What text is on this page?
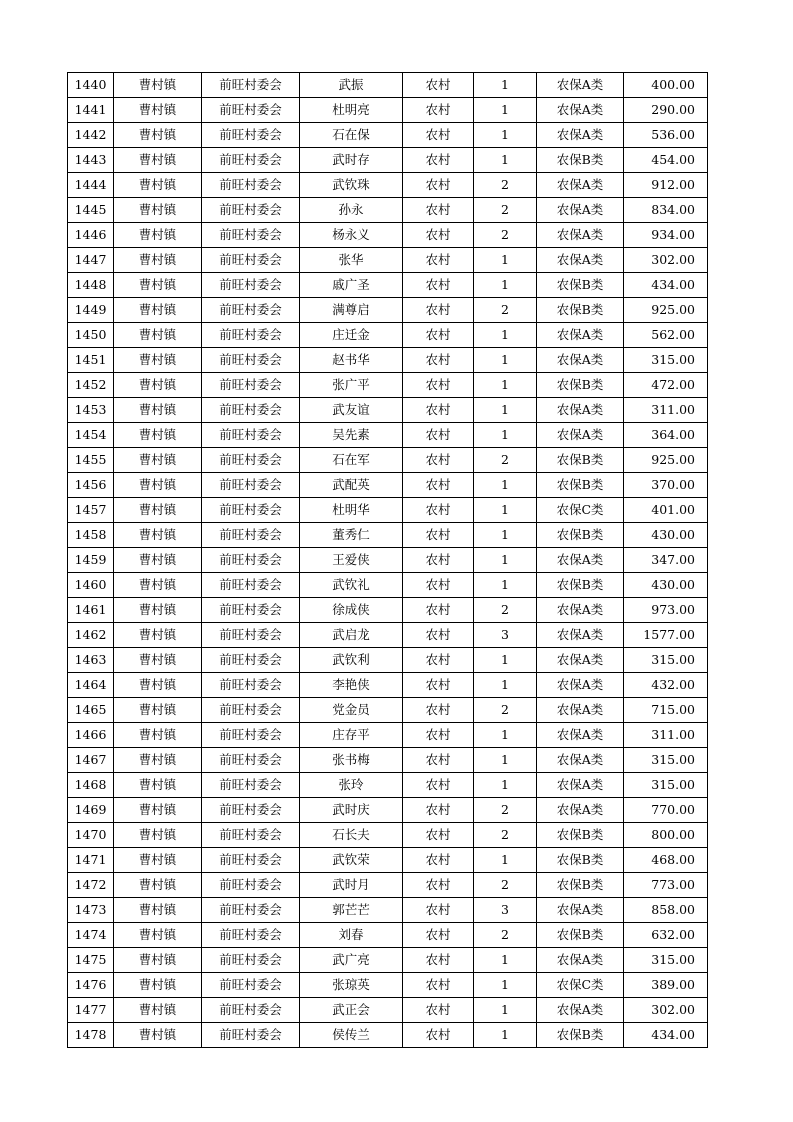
1440	曹村镇	前旺村委会	武振	农村	1	农保A类	400.00
1441	曹村镇	前旺村委会	杜明亮	农村	1	农保A类	290.00
1442	曹村镇	前旺村委会	石在保	农村	1	农保A类	536.00
1443	曹村镇	前旺村委会	武时存	农村	1	农保B类	454.00
1444	曹村镇	前旺村委会	武钦珠	农村	2	农保A类	912.00
1445	曹村镇	前旺村委会	孙永	农村	2	农保A类	834.00
1446	曹村镇	前旺村委会	杨永义	农村	2	农保A类	934.00
1447	曹村镇	前旺村委会	张华	农村	1	农保A类	302.00
1448	曹村镇	前旺村委会	戚广圣	农村	1	农保B类	434.00
1449	曹村镇	前旺村委会	满尊启	农村	2	农保B类	925.00
1450	曹村镇	前旺村委会	庄迁金	农村	1	农保A类	562.00
1451	曹村镇	前旺村委会	赵书华	农村	1	农保A类	315.00
1452	曹村镇	前旺村委会	张广平	农村	1	农保B类	472.00
1453	曹村镇	前旺村委会	武友谊	农村	1	农保A类	311.00
1454	曹村镇	前旺村委会	吴先素	农村	1	农保A类	364.00
1455	曹村镇	前旺村委会	石在军	农村	2	农保B类	925.00
1456	曹村镇	前旺村委会	武配英	农村	1	农保B类	370.00
1457	曹村镇	前旺村委会	杜明华	农村	1	农保C类	401.00
1458	曹村镇	前旺村委会	董秀仁	农村	1	农保B类	430.00
1459	曹村镇	前旺村委会	王爱侠	农村	1	农保A类	347.00
1460	曹村镇	前旺村委会	武钦礼	农村	1	农保B类	430.00
1461	曹村镇	前旺村委会	徐成侠	农村	2	农保A类	973.00
1462	曹村镇	前旺村委会	武启龙	农村	3	农保A类	1577.00
1463	曹村镇	前旺村委会	武钦利	农村	1	农保A类	315.00
1464	曹村镇	前旺村委会	李艳侠	农村	1	农保A类	432.00
1465	曹村镇	前旺村委会	党金员	农村	2	农保A类	715.00
1466	曹村镇	前旺村委会	庄存平	农村	1	农保A类	311.00
1467	曹村镇	前旺村委会	张书梅	农村	1	农保A类	315.00
1468	曹村镇	前旺村委会	张玲	农村	1	农保A类	315.00
1469	曹村镇	前旺村委会	武时庆	农村	2	农保A类	770.00
1470	曹村镇	前旺村委会	石长夫	农村	2	农保B类	800.00
1471	曹村镇	前旺村委会	武钦荣	农村	1	农保B类	468.00
1472	曹村镇	前旺村委会	武时月	农村	2	农保B类	773.00
1473	曹村镇	前旺村委会	郭芒芒	农村	3	农保A类	858.00
1474	曹村镇	前旺村委会	刘春	农村	2	农保B类	632.00
1475	曹村镇	前旺村委会	武广亮	农村	1	农保A类	315.00
1476	曹村镇	前旺村委会	张琼英	农村	1	农保C类	389.00
1477	曹村镇	前旺村委会	武正会	农村	1	农保A类	302.00
1478	曹村镇	前旺村委会	侯传兰	农村	1	农保B类	434.00
